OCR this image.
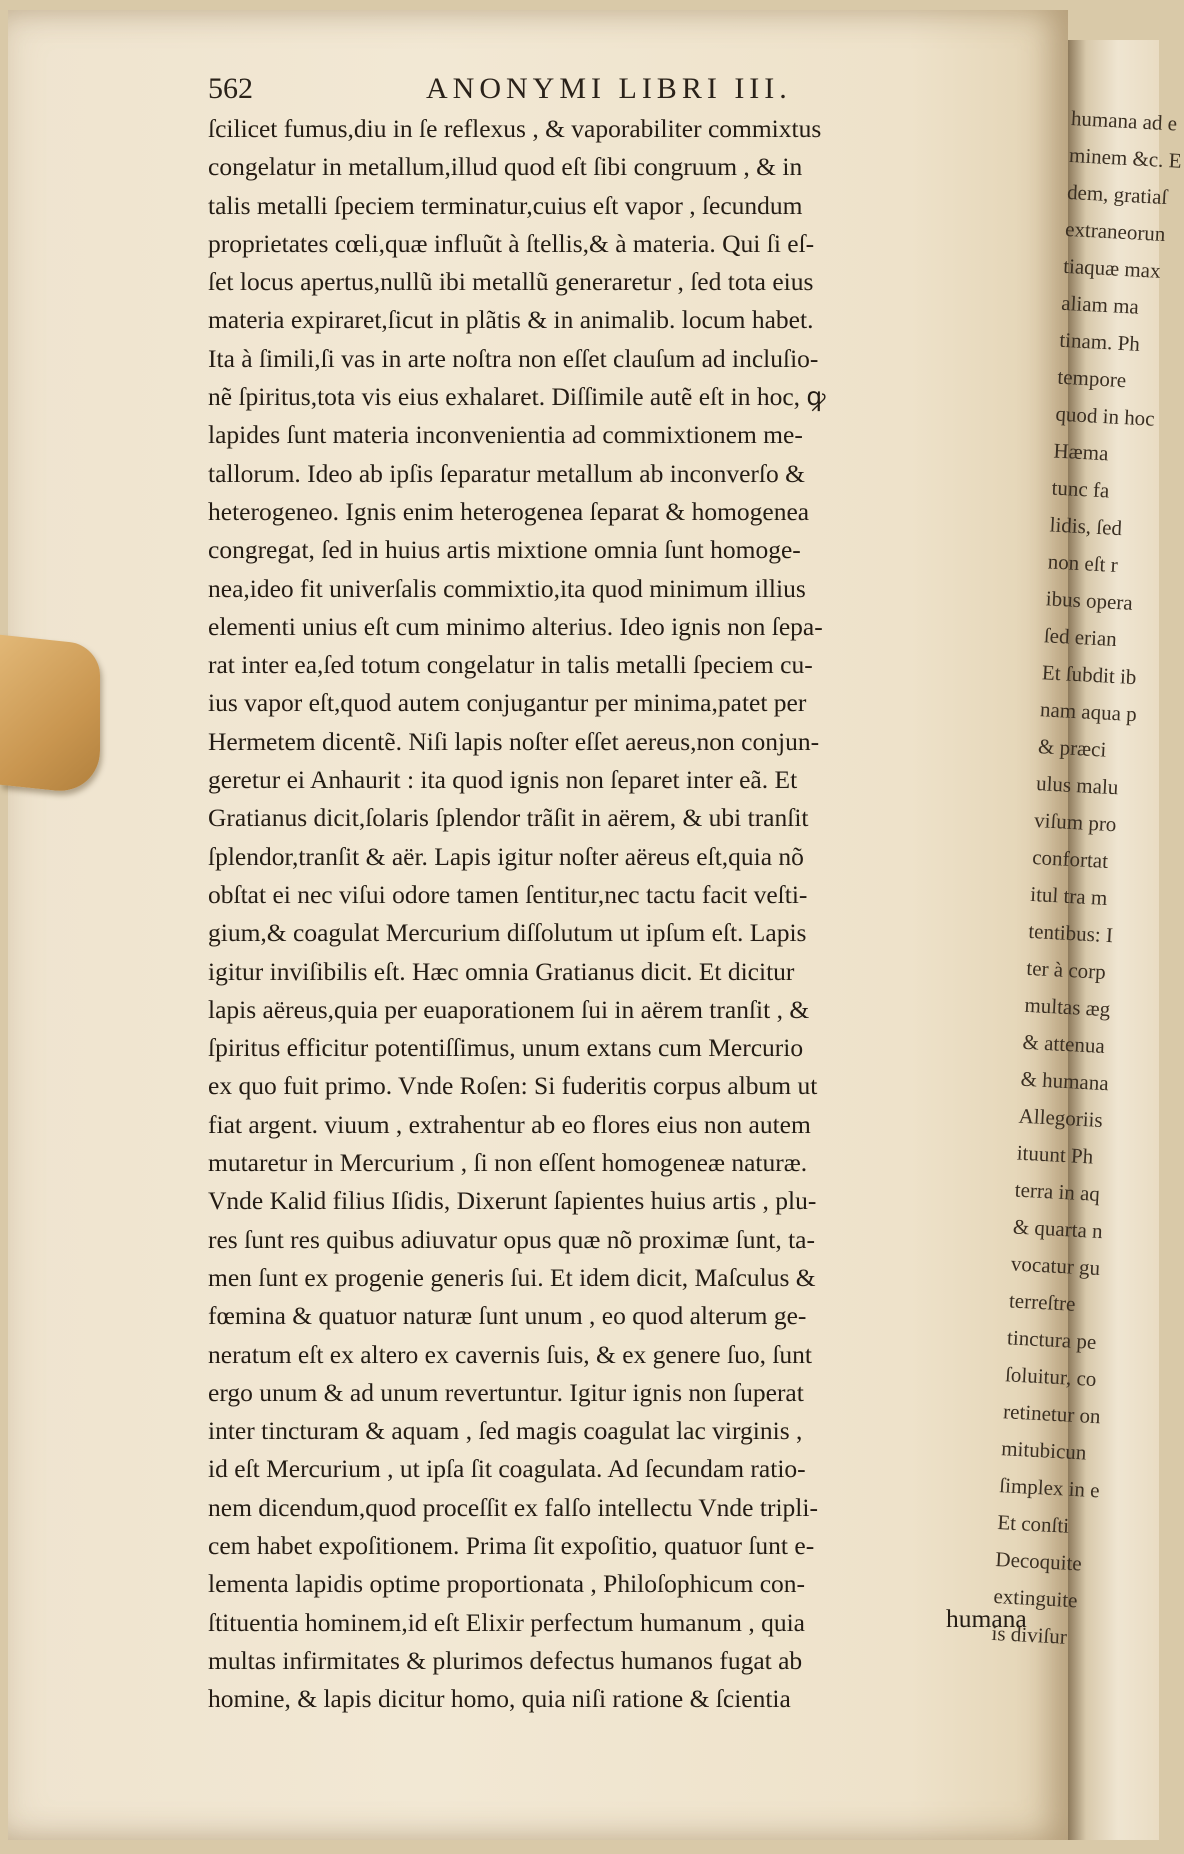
562	ANONYMI LIBRI III.
ſcilicet fumus,diu in ſe reflexus , & vaporabiliter commixtus
congelatur in metallum,illud quod eſt ſibi congruum , & in
talis metalli ſpeciem terminatur,cuius eſt vapor , ſecundum
proprietates cœli,quæ influũt à ſtellis,& à materia. Qui ſi eſ-
ſet locus apertus,nullũ ibi metallũ generaretur , ſed tota eius
materia expiraret,ſicut in plãtis & in animalib. locum habet.
Ita à ſimili,ſi vas in arte noſtra non eſſet clauſum ad incluſio-
nẽ ſpiritus,tota vis eius exhalaret. Diſſimile autẽ eſt in hoc, ꝙ
lapides ſunt materia inconvenientia ad commixtionem me-
tallorum. Ideo ab ipſis ſeparatur metallum ab inconverſo &
heterogeneo. Ignis enim heterogenea ſeparat & homogenea
congregat, ſed in huius artis mixtione omnia ſunt homoge-
nea,ideo fit univerſalis commixtio,ita quod minimum illius
elementi unius eſt cum minimo alterius. Ideo ignis non ſepa-
rat inter ea,ſed totum congelatur in talis metalli ſpeciem cu-
ius vapor eſt,quod autem conjugantur per minima,patet per
Hermetem dicentẽ. Niſi lapis noſter eſſet aereus,non conjun-
geretur ei Anhaurit : ita quod ignis non ſeparet inter eã. Et
Gratianus dicit,ſolaris ſplendor trãſit in aërem, & ubi tranſit
ſplendor,tranſit & aër. Lapis igitur noſter aëreus eſt,quia nõ
obſtat ei nec viſui odore tamen ſentitur,nec tactu facit veſti-
gium,& coagulat Mercurium diſſolutum ut ipſum eſt. Lapis
igitur inviſibilis eſt. Hæc omnia Gratianus dicit. Et dicitur
lapis aëreus,quia per euaporationem ſui in aërem tranſit , &
ſpiritus efficitur potentiſſimus, unum extans cum Mercurio
ex quo fuit primo. Vnde Roſen: Si fuderitis corpus album ut
fiat argent. viuum , extrahentur ab eo flores eius non autem
mutaretur in Mercurium , ſi non eſſent homogeneæ naturæ.
Vnde Kalid filius Iſidis, Dixerunt ſapientes huius artis , plu-
res ſunt res quibus adiuvatur opus quæ nõ proximæ ſunt, ta-
men ſunt ex progenie generis ſui. Et idem dicit, Maſculus &
fœmina & quatuor naturæ ſunt unum , eo quod alterum ge-
neratum eſt ex altero ex cavernis ſuis, & ex genere ſuo, ſunt
ergo unum & ad unum revertuntur. Igitur ignis non ſuperat
inter tincturam & aquam , ſed magis coagulat lac virginis ,
id eſt Mercurium , ut ipſa ſit coagulata. Ad ſecundam ratio-
nem dicendum,quod proceſſit ex falſo intellectu Vnde tripli-
cem habet expoſitionem. Prima ſit expoſitio, quatuor ſunt e-
lementa lapidis optime proportionata , Philoſophicum con-
ſtituentia hominem,id eſt Elixir perfectum humanum , quia
multas infirmitates & plurimos defectus humanos fugat ab
homine, & lapis dicitur homo, quia niſi ratione & ſcientia
humana
humana ad e
minem &c. E
dem, gratiaſ
extraneorun
tiaquæ max
aliam ma
tinam. Ph
tempore
quod in hoc
Hæma
tunc fa
lidis, ſed
non eſt r
ibus opera
ſed erian
Et ſubdit ib
nam aqua p
& præci
ulus malu
viſum pro
confortat
itul tra m
tentibus: I
ter à corp
multas æg
& attenua
& humana
Allegoriis
ituunt Ph
terra in aq
& quarta n
vocatur gu
terreſtre
tinctura pe
ſoluitur, co
retinetur on
mitubicun
ſimplex in e
Et conſti
Decoquite
extinguite
is diviſur
